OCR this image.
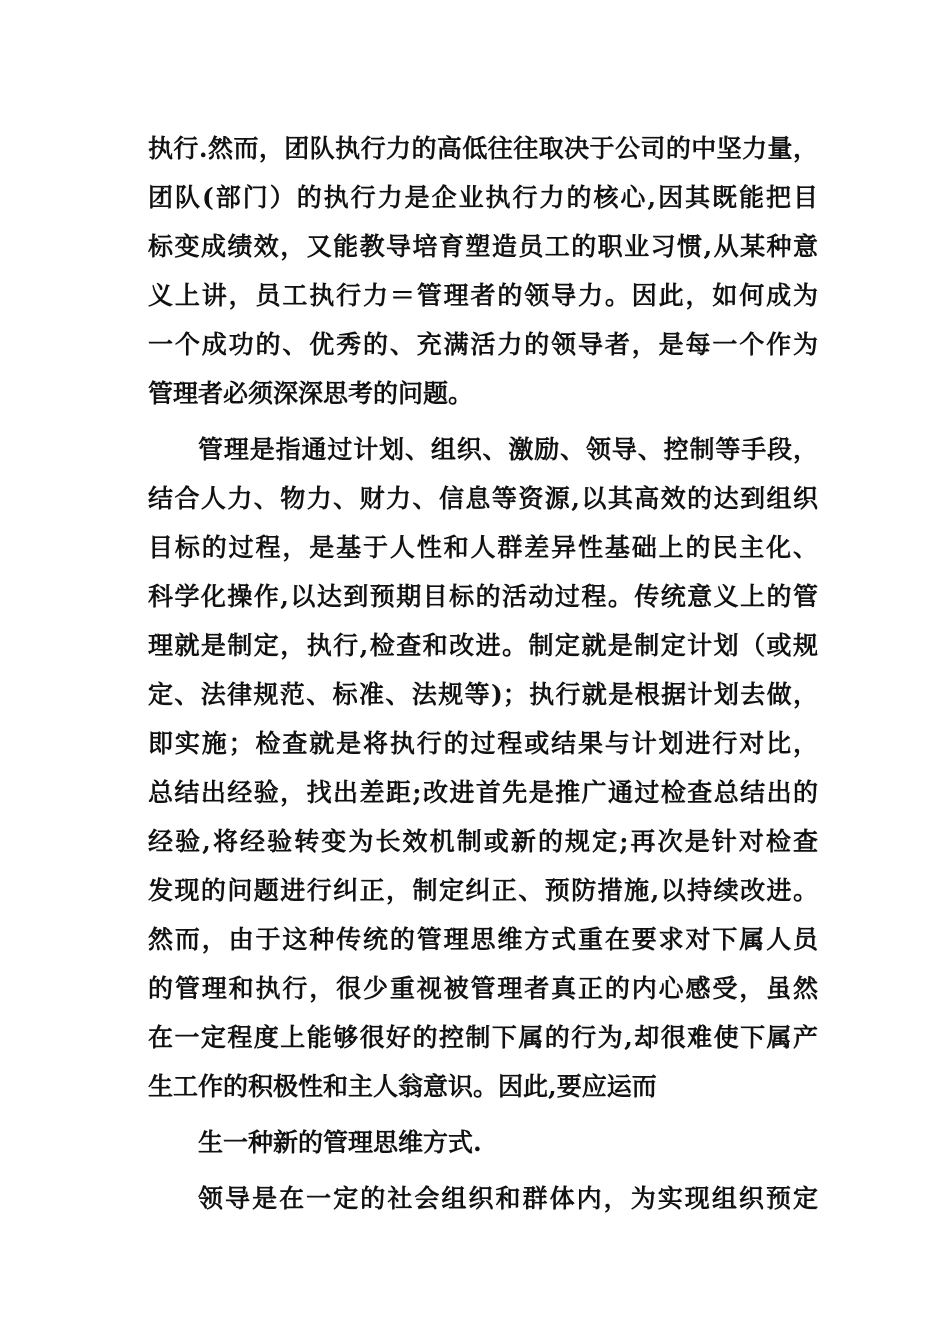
执行.然而，团队执行力的高低往往取决于公司的中坚力量，
团队(部门）的执行力是企业执行力的核心,因其既能把目
标变成绩效，又能教导培育塑造员工的职业习惯,从某种意
义上讲，员工执行力＝管理者的领导力。因此，如何成为
一个成功的、优秀的、充满活力的领导者，是每一个作为
管理者必须深深思考的问题。
管理是指通过计划、组织、激励、领导、控制等手段，
结合人力、物力、财力、信息等资源,以其高效的达到组织
目标的过程，是基于人性和人群差异性基础上的民主化、
科学化操作,以达到预期目标的活动过程。传统意义上的管
理就是制定，执行,检查和改进。制定就是制定计划（或规
定、法律规范、标准、法规等)；执行就是根据计划去做，
即实施；检查就是将执行的过程或结果与计划进行对比，
总结出经验，找出差距;改进首先是推广通过检查总结出的
经验,将经验转变为长效机制或新的规定;再次是针对检查
发现的问题进行纠正，制定纠正、预防措施,以持续改进。
然而，由于这种传统的管理思维方式重在要求对下属人员
的管理和执行，很少重视被管理者真正的内心感受，虽然
在一定程度上能够很好的控制下属的行为,却很难使下属产
生工作的积极性和主人翁意识。因此,要应运而
生一种新的管理思维方式.
领导是在一定的社会组织和群体内，为实现组织预定
